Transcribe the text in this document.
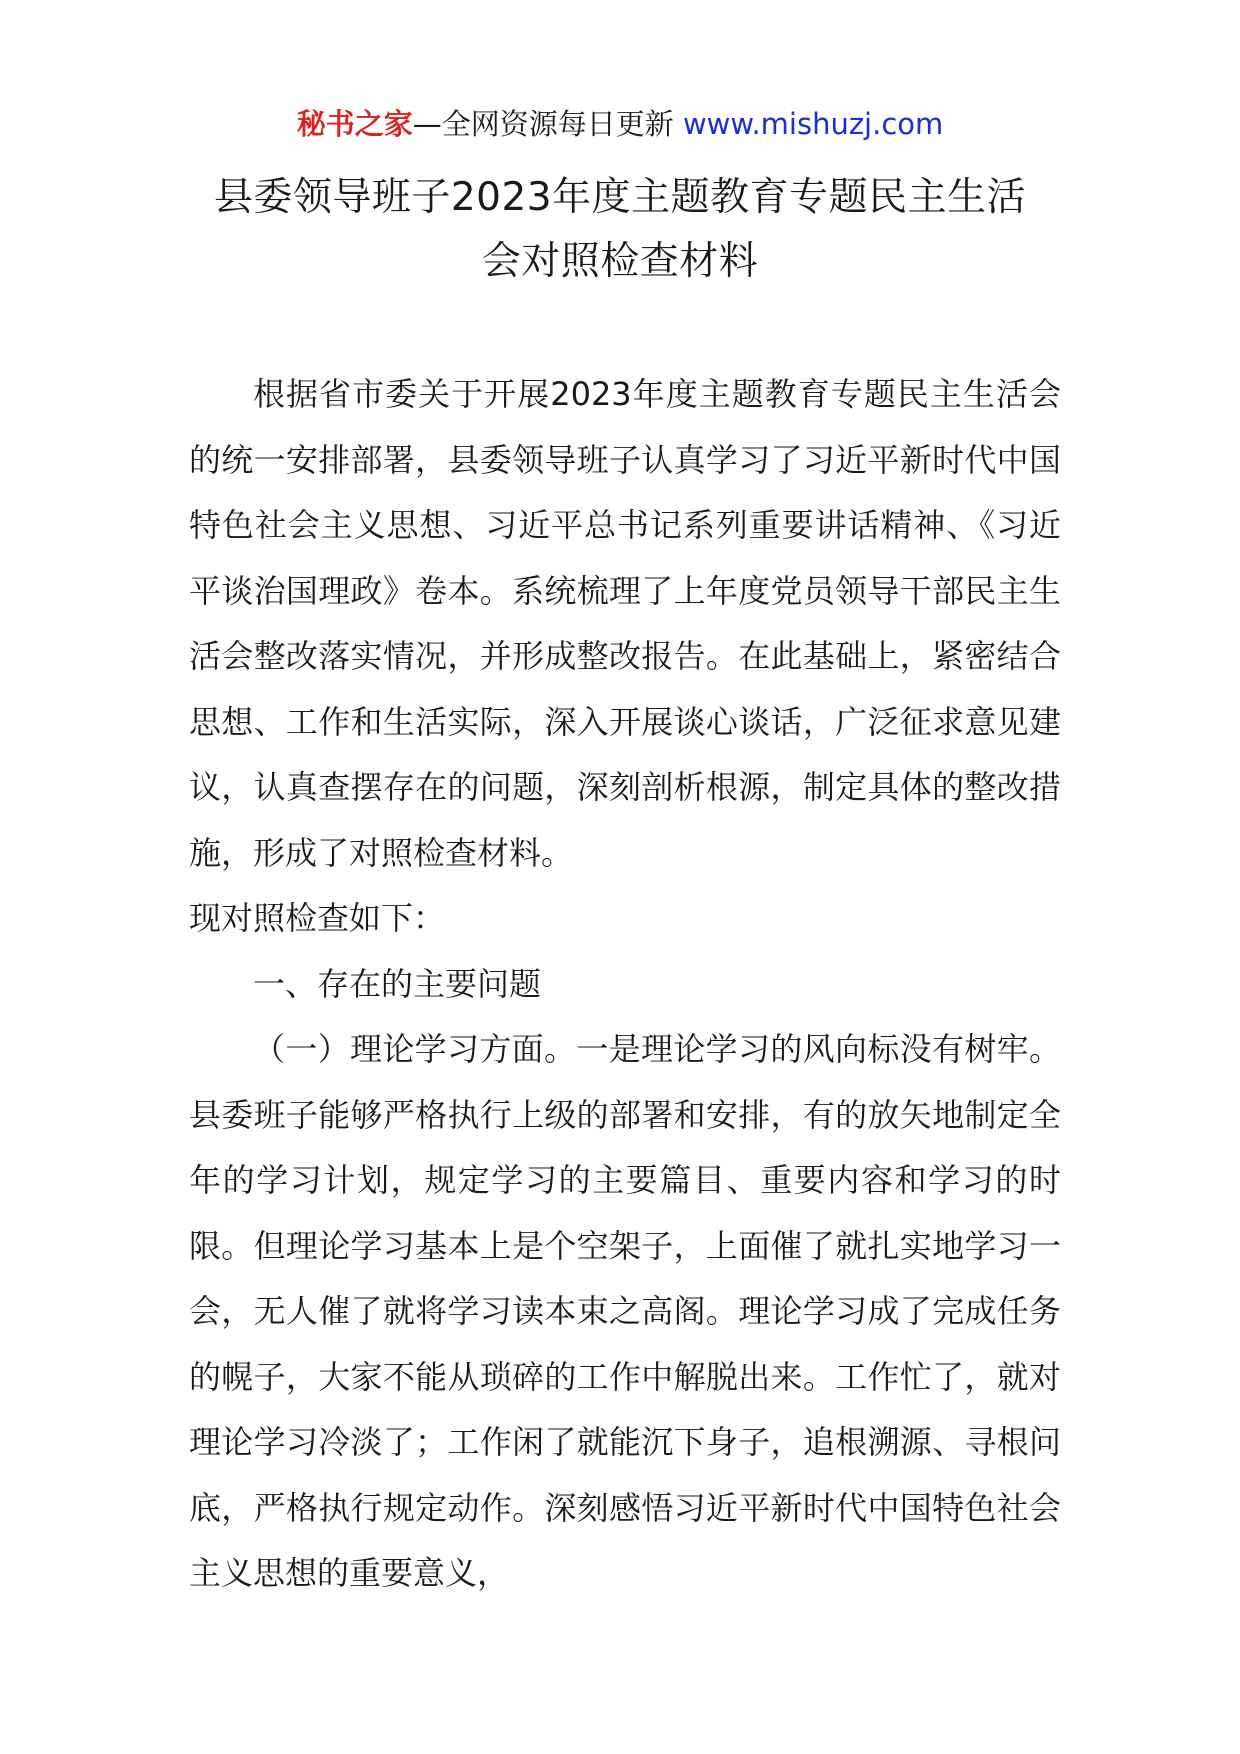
秘书之家—全网资源每日更新 www.mishuzj.com
县委领导班子2023年度主题教育专题民主生活
会对照检查材料

根据省市委关于开展2023年度主题教育专题民主生活会的统一安排部署，县委领导班子认真学习了习近平新时代中国特色社会主义思想、习近平总书记系列重要讲话精神、《习近平谈治国理政》卷本。系统梳理了上年度党员领导干部民主生活会整改落实情况，并形成整改报告。在此基础上，紧密结合思想、工作和生活实际，深入开展谈心谈话，广泛征求意见建议，认真查摆存在的问题，深刻剖析根源，制定具体的整改措施，形成了对照检查材料。

现对照检查如下：

一、存在的主要问题

（一）理论学习方面。一是理论学习的风向标没有树牢。县委班子能够严格执行上级的部署和安排，有的放矢地制定全年的学习计划，规定学习的主要篇目、重要内容和学习的时限。但理论学习基本上是个空架子，上面催了就扎实地学习一会，无人催了就将学习读本束之高阁。理论学习成了完成任务的幌子，大家不能从琐碎的工作中解脱出来。工作忙了，就对理论学习冷淡了；工作闲了就能沉下身子，追根溯源、寻根问底，严格执行规定动作。深刻感悟习近平新时代中国特色社会主义思想的重要意义，
